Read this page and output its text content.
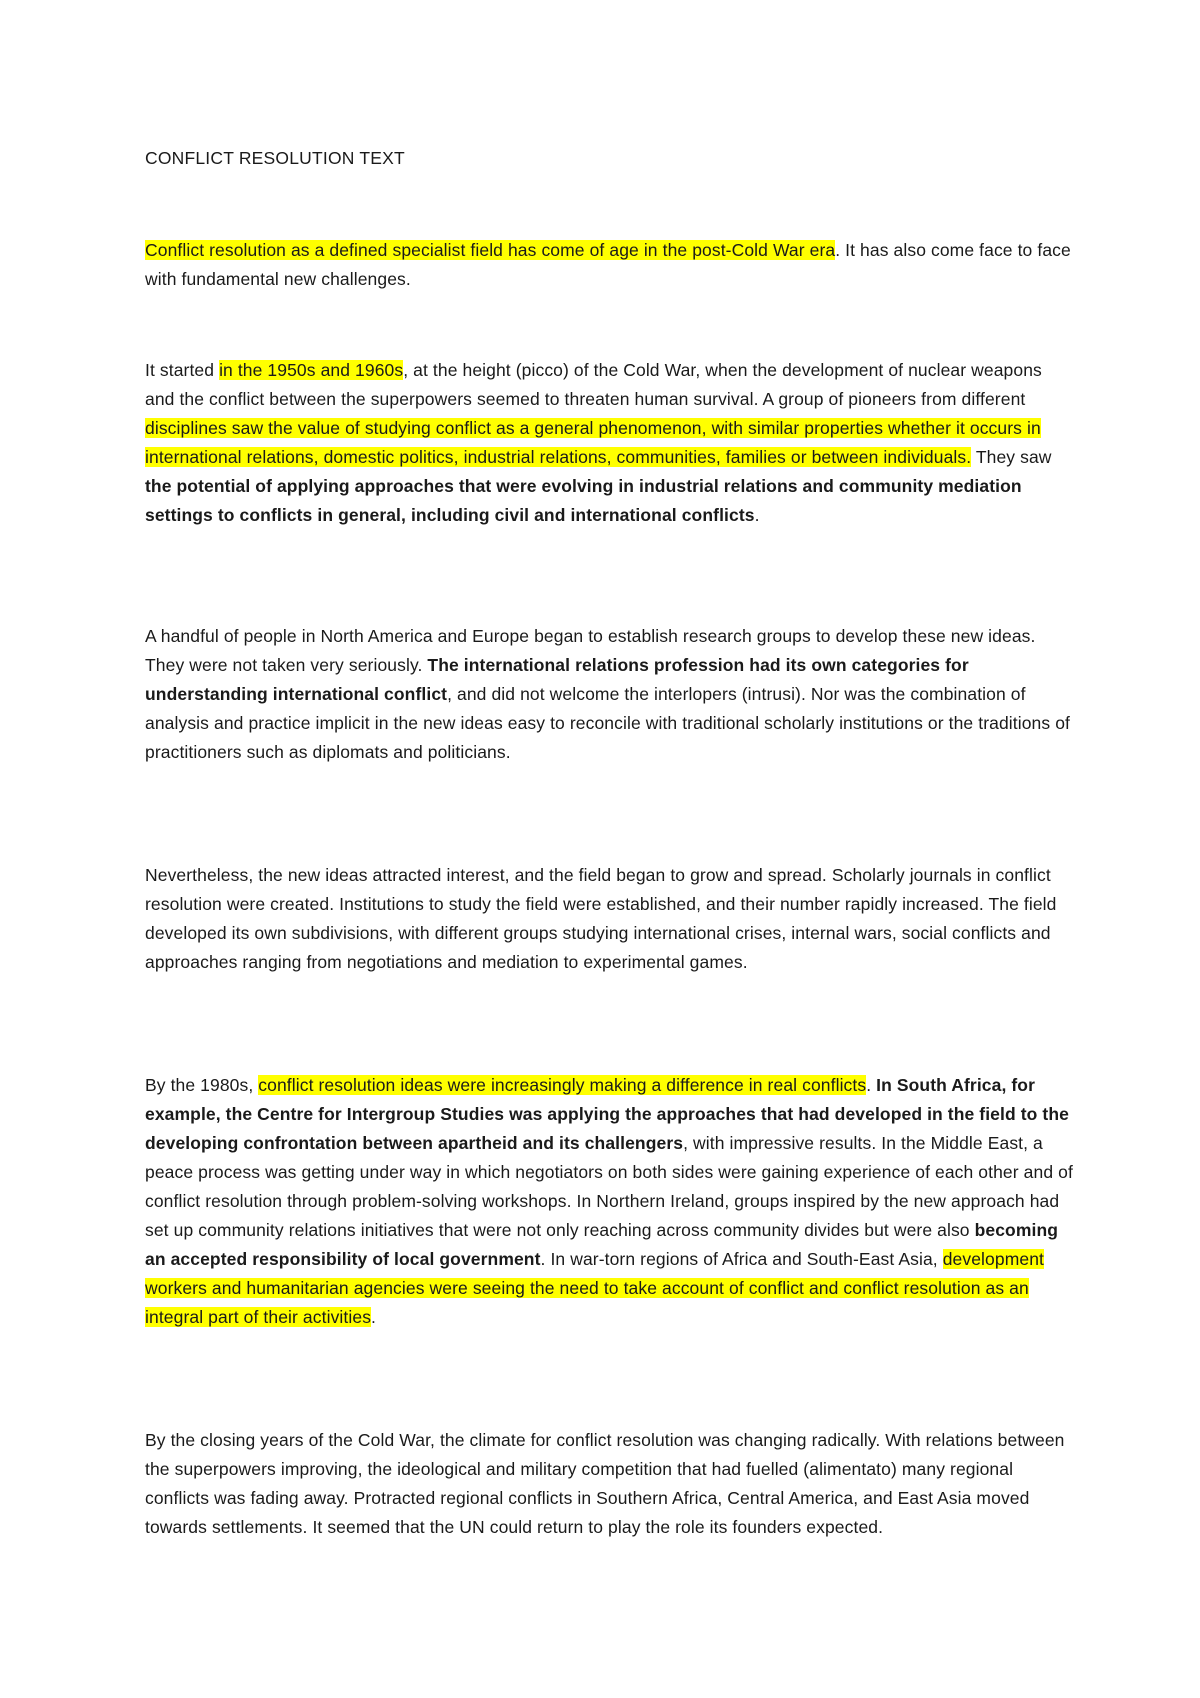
CONFLICT RESOLUTION TEXT

Conflict resolution as a defined specialist field has come of age in the post-Cold War era. It has also come face to face with fundamental new challenges.

It started in the 1950s and 1960s, at the height (picco) of the Cold War, when the development of nuclear weapons and the conflict between the superpowers seemed to threaten human survival. A group of pioneers from different disciplines saw the value of studying conflict as a general phenomenon, with similar properties whether it occurs in international relations, domestic politics, industrial relations, communities, families or between individuals. They saw the potential of applying approaches that were evolving in industrial relations and community mediation settings to conflicts in general, including civil and international conflicts.

A handful of people in North America and Europe began to establish research groups to develop these new ideas. They were not taken very seriously. The international relations profession had its own categories for understanding international conflict, and did not welcome the interlopers (intrusi). Nor was the combination of analysis and practice implicit in the new ideas easy to reconcile with traditional scholarly institutions or the traditions of practitioners such as diplomats and politicians.

Nevertheless, the new ideas attracted interest, and the field began to grow and spread. Scholarly journals in conflict resolution were created. Institutions to study the field were established, and their number rapidly increased. The field developed its own subdivisions, with different groups studying international crises, internal wars, social conflicts and approaches ranging from negotiations and mediation to experimental games.

By the 1980s, conflict resolution ideas were increasingly making a difference in real conflicts. In South Africa, for example, the Centre for Intergroup Studies was applying the approaches that had developed in the field to the developing confrontation between apartheid and its challengers, with impressive results. In the Middle East, a peace process was getting under way in which negotiators on both sides were gaining experience of each other and of conflict resolution through problem-solving workshops. In Northern Ireland, groups inspired by the new approach had set up community relations initiatives that were not only reaching across community divides but were also becoming an accepted responsibility of local government. In war-torn regions of Africa and South-East Asia, development workers and humanitarian agencies were seeing the need to take account of conflict and conflict resolution as an integral part of their activities.

By the closing years of the Cold War, the climate for conflict resolution was changing radically. With relations between the superpowers improving, the ideological and military competition that had fuelled (alimentato) many regional conflicts was fading away. Protracted regional conflicts in Southern Africa, Central America, and East Asia moved towards settlements. It seemed that the UN could return to play the role its founders expected.
